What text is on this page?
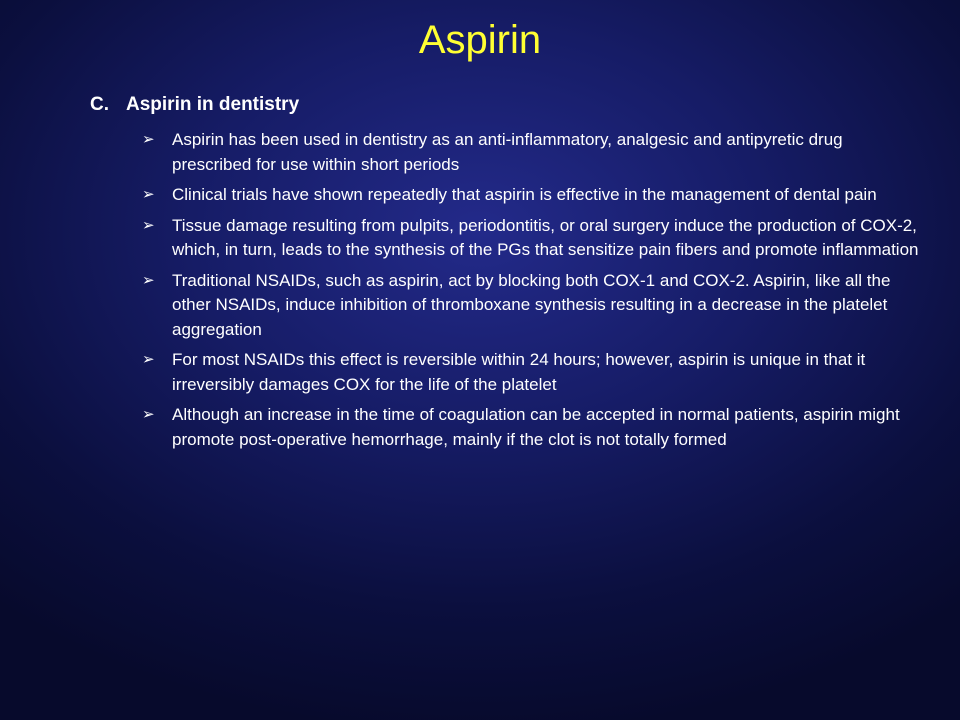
Aspirin
C. Aspirin in dentistry
➢	Aspirin has been used in dentistry as an anti-inflammatory, analgesic and antipyretic drug prescribed for use within short periods
➢	Clinical trials have shown repeatedly that aspirin is effective in the management of dental pain
➢	Tissue damage resulting from pulpits, periodontitis, or oral surgery induce the production of COX-2, which, in turn, leads to the synthesis of the PGs that sensitize pain fibers and promote inflammation
➢	Traditional NSAIDs, such as aspirin, act by blocking both COX-1 and COX-2. Aspirin, like all the other NSAIDs, induce inhibition of thromboxane synthesis resulting in a decrease in the platelet aggregation
➢	For most NSAIDs this effect is reversible within 24 hours; however, aspirin is unique in that it irreversibly damages COX for the life of the platelet
➢	Although an increase in the time of coagulation can be accepted in normal patients, aspirin might promote post-operative hemorrhage, mainly if the clot is not totally formed
